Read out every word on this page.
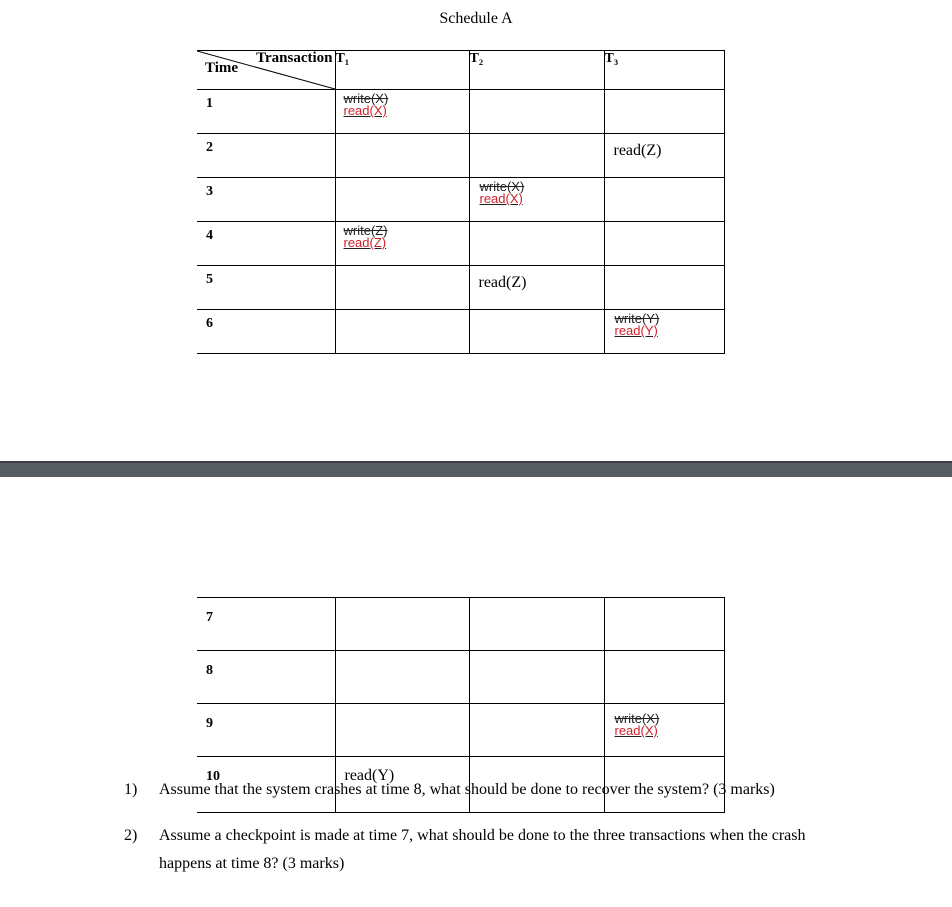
Schedule A
Time
Transaction	T₁	T₂	T₃
1	write(X)
read(X)		

2			read(Z)

3		write(X)
read(X)	

4	write(Z)
read(Z)		

5		read(Z)	

6			write(Y)
read(Y)
7			
8			
9			write(X)
read(X)

10	read(Y)		

1) Assume that the system crashes at time 8, what should be done to recover the system? (3 marks)
2) Assume a checkpoint is made at time 7, what should be done to the three transactions when the crash happens at time 8? (3 marks)
